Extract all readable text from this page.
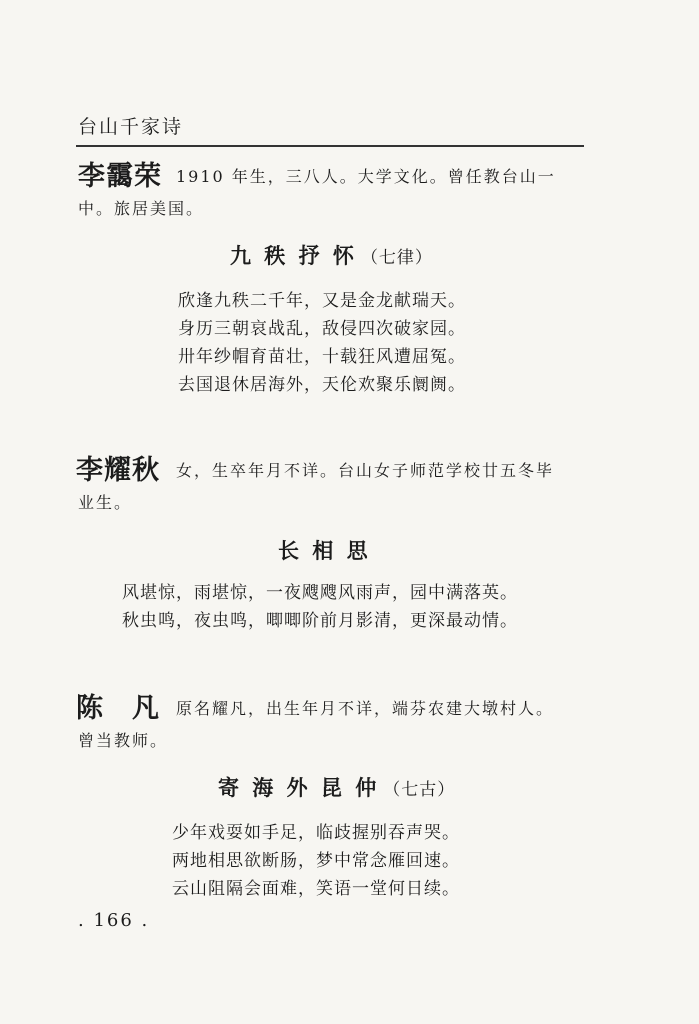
台山千家诗
李靄荣 1910 年生，三八人。大学文化。曾任教台山一
中。旅居美国。
九 秩 抒 怀 （七律）
欣逢九秩二千年，又是金龙献瑞天。
身历三朝哀战乱，敌侵四次破家园。
卅年纱帽育苗壮，十载狂风遭屈冤。
去国退休居海外，天伦欢聚乐阛阓。
李耀秋 女，生卒年月不详。台山女子师范学校廿五冬毕
业生。
长 相 思
风堪惊，雨堪惊，一夜飕飕风雨声，园中满落英。
秋虫鸣，夜虫鸣，唧唧阶前月影清，更深最动情。
陈　凡 原名耀凡，出生年月不详，端芬农建大墩村人。
曾当教师。
寄 海 外 昆 仲 （七古）
少年戏耍如手足，临歧握别吞声哭。
两地相思欲断肠，梦中常念雁回速。
云山阻隔会面难，笑语一堂何日续。
. 166 .
